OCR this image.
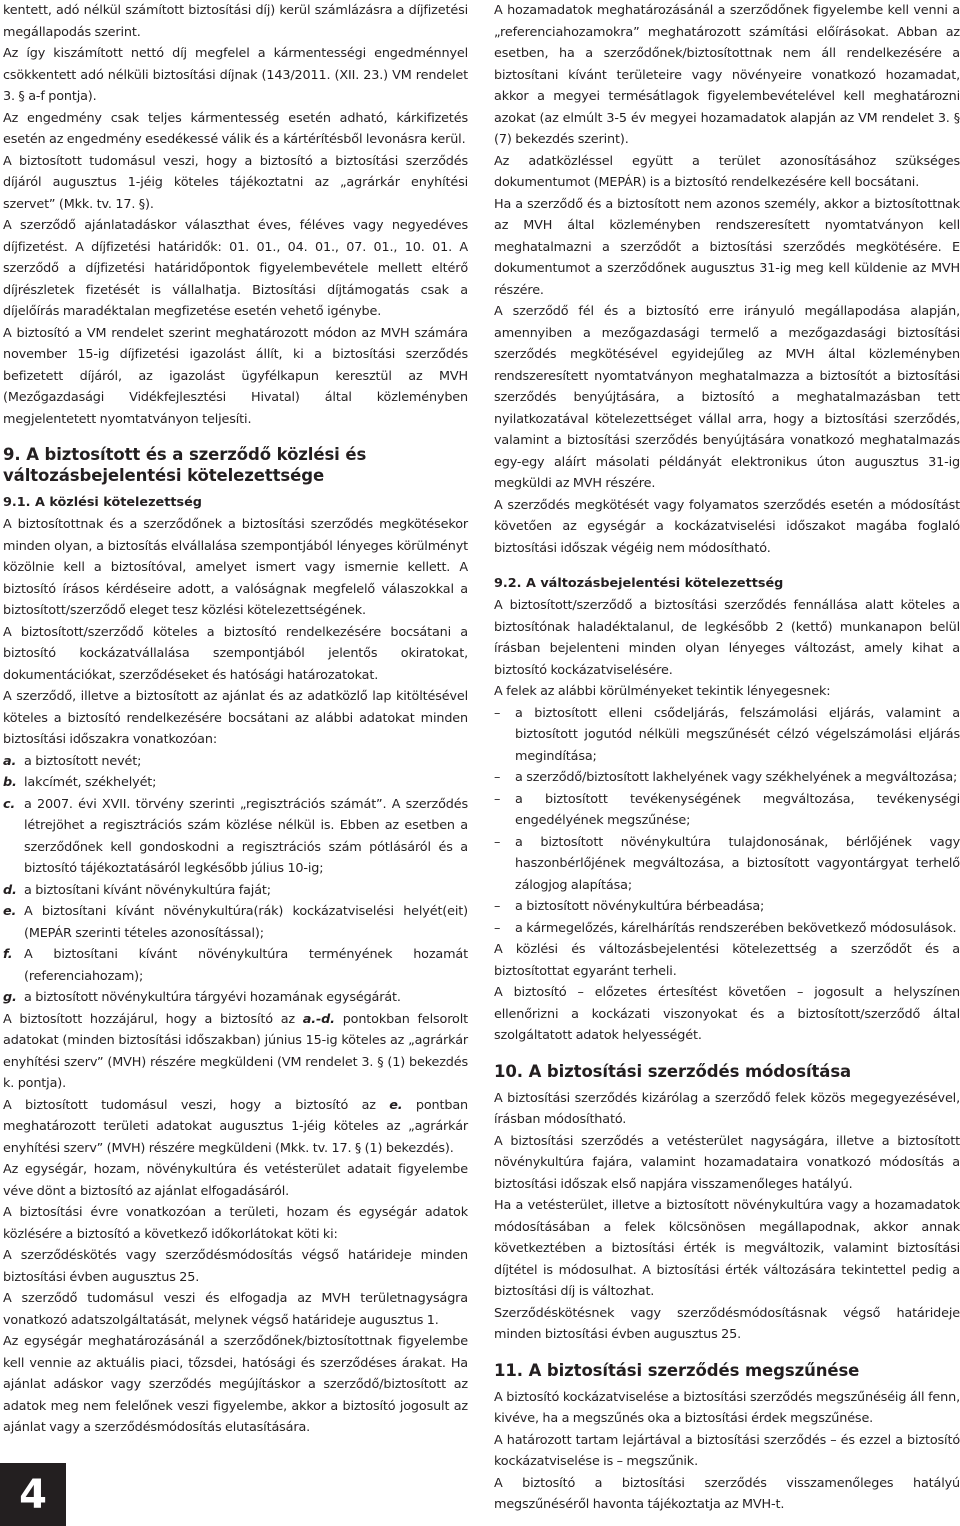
kentett, adó nélkül számított biztosítási díj) kerül számlázásra a díjfizetési megállapodás szerint.

Az így kiszámított nettó díj megfelel a kármentességi engedménnyel csökkentett adó nélküli biztosítási díjnak (143/2011. (XII. 23.) VM rendelet 3. § a-f pontja).

Az engedmény csak teljes kármentesség esetén adható, kárkifizetés esetén az engedmény esedékessé válik és a kártérítésből levonásra kerül.

A biztosított tudomásul veszi, hogy a biztosító a biztosítási szerződés díjáról augusztus 1-jéig köteles tájékoztatni az „agrárkár enyhítési szervet” (Mkk. tv. 17. §).

A szerződő ajánlatadáskor választhat éves, féléves vagy negyedéves díjfizetést. A díjfizetési határidők: 01. 01., 04. 01., 07. 01., 10. 01. A szerződő a díjfizetési határidőpontok figyelembevétele mellett eltérő díjrészletek fizetését is vállalhatja. Biztosítási díjtámogatás csak a díjelőírás maradéktalan megfizetése esetén vehető igénybe.

A biztosító a VM rendelet szerint meghatározott módon az MVH számára november 15-ig díjfizetési igazolást állít, ki a biztosítási szerződés befizetett díjáról, az igazolást ügyfélkapun keresztül az MVH (Mezőgazdasági Vidékfejlesztési Hivatal) által közleményben megjelentetett nyomtatványon teljesíti.

9. A biztosított és a szerződő közlési és változásbejelentési kötelezettsége
9.1. A közlési kötelezettség

A biztosítottnak és a szerződőnek a biztosítási szerződés megkötésekor minden olyan, a biztosítás elvállalása szempontjából lényeges körülményt közölnie kell a biztosítóval, amelyet ismert vagy ismernie kellett. A biztosító írásos kérdéseire adott, a valóságnak megfelelő válaszokkal a biztosított/szerződő eleget tesz közlési kötelezettségének.

A biztosított/szerződő köteles a biztosító rendelkezésére bocsátani a biztosító kockázatvállalása szempontjából jelentős okiratokat, dokumentációkat, szerződéseket és hatósági határozatokat.

A szerződő, illetve a biztosított az ajánlat és az adatközlő lap kitöltésével köteles a biztosító rendelkezésére bocsátani az alábbi adatokat minden biztosítási időszakra vonatkozóan:

a. a biztosított nevét;
b. lakcímét, székhelyét;
c. a 2007. évi XVII. törvény szerinti „regisztrációs számát”. A szerződés létrejöhet a regisztrációs szám közlése nélkül is. Ebben az esetben a szerződőnek kell gondoskodni a regisztrációs szám pótlásáról és a biztosító tájékoztatásáról legkésőbb július 10-ig;
d. a biztosítani kívánt növénykultúra faját;
e. A biztosítani kívánt növénykultúra(rák) kockázatviselési helyét(eit) (MEPÁR szerinti tételes azonosítással);
f. A biztosítani kívánt növénykultúra terményének hozamát (referenciahozam);
g. a biztosított növénykultúra tárgyévi hozamának egységárát.

A biztosított hozzájárul, hogy a biztosító az a.-d. pontokban felsorolt adatokat (minden biztosítási időszakban) június 15-ig köteles az „agrárkár enyhítési szerv” (MVH) részére megküldeni (VM rendelet 3. § (1) bekezdés k. pontja).

A biztosított tudomásul veszi, hogy a biztosító az e. pontban meghatározott területi adatokat augusztus 1-jéig köteles az „agrárkár enyhítési szerv” (MVH) részére megküldeni (Mkk. tv. 17. § (1) bekezdés).

Az egységár, hozam, növénykultúra és vetésterület adatait figyelembe véve dönt a biztosító az ajánlat elfogadásáról.

A biztosítási évre vonatkozóan a területi, hozam és egységár adatok közlésére a biztosító a következő időkorlátokat köti ki:

A szerződéskötés vagy szerződésmódosítás végső határideje minden biztosítási évben augusztus 25.

A szerződő tudomásul veszi és elfogadja az MVH területnagyságra vonatkozó adatszolgáltatását, melynek végső határideje augusztus 1.

Az egységár meghatározásánál a szerződőnek/biztosítottnak figyelembe kell vennie az aktuális piaci, tőzsdei, hatósági és szerződéses árakat. Ha ajánlat adáskor vagy szerződés megújításkor a szerződő/biztosított az adatok meg nem felelőnek veszi figyelembe, akkor a biztosító jogosult az ajánlat vagy a szerződésmódosítás elutasítására.

A hozamadatok meghatározásánál a szerződőnek figyelembe kell venni a „referenciahozamokra” meghatározott számítási előírásokat. Abban az esetben, ha a szerződőnek/biztosítottnak nem áll rendelkezésére a biztosítani kívánt területeire vagy növényeire vonatkozó hozamadat, akkor a megyei termésátlagok figyelembevételével kell meghatározni azokat (az elmúlt 3-5 év megyei hozamadatok alapján az VM rendelet 3. § (7) bekezdés szerint).

Az adatközléssel együtt a terület azonosításához szükséges dokumentumot (MEPÁR) is a biztosító rendelkezésére kell bocsátani.

Ha a szerződő és a biztosított nem azonos személy, akkor a biztosítottnak az MVH által közleményben rendszeresített nyomtatványon kell meghatalmazni a szerződőt a biztosítási szerződés megkötésére. E dokumentumot a szerződőnek augusztus 31-ig meg kell küldenie az MVH részére.

A szerződő fél és a biztosító erre irányuló megállapodása alapján, amennyiben a mezőgazdasági termelő a mezőgazdasági biztosítási szerződés megkötésével egyidejűleg az MVH által közleményben rendszeresített nyomtatványon meghatalmazza a biztosítót a biztosítási szerződés benyújtására, a biztosító a meghatalmazásban tett nyilatkozatával kötelezettséget vállal arra, hogy a biztosítási szerződés, valamint a biztosítási szerződés benyújtására vonatkozó meghatalmazás egy-egy aláírt másolati példányát elektronikus úton augusztus 31-ig megküldi az MVH részére.

A szerződés megkötését vagy folyamatos szerződés esetén a módosítást követően az egységár a kockázatviselési időszakot magába foglaló biztosítási időszak végéig nem módosítható.

9.2. A változásbejelentési kötelezettség

A biztosított/szerződő a biztosítási szerződés fennállása alatt köteles a biztosítónak haladéktalanul, de legkésőbb 2 (kettő) munkanapon belül írásban bejelenteni minden olyan lényeges változást, amely kihat a biztosító kockázatviselésére.

A felek az alábbi körülményeket tekintik lényegesnek:

–	a biztosított elleni csődeljárás, felszámolási eljárás, valamint a biztosított jogutód nélküli megszűnését célzó végelszámolási eljárás megindítása;
–	a szerződő/biztosított lakhelyének vagy székhelyének a megváltozása;
–	a biztosított tevékenységének megváltozása, tevékenységi engedélyének megszűnése;
–	a biztosított növénykultúra tulajdonosának, bérlőjének vagy haszonbérlőjének megváltozása, a biztosított vagyontárgyat terhelő zálogjog alapítása;
–	a biztosított növénykultúra bérbeadása;
–	a kármegelőzés, kárelhárítás rendszerében bekövetkező módosulások.

A közlési és változásbejelentési kötelezettség a szerződőt és a biztosítottat egyaránt terheli.

A biztosító – előzetes értesítést követően – jogosult a helyszínen ellenőrizni a kockázati viszonyokat és a biztosított/szerződő által szolgáltatott adatok helyességét.

10. A biztosítási szerződés módosítása

A biztosítási szerződés kizárólag a szerződő felek közös megegyezésével, írásban módosítható.

A biztosítási szerződés a vetésterület nagyságára, illetve a biztosított növénykultúra fajára, valamint hozamadataira vonatkozó módosítás a biztosítási időszak első napjára visszamenőleges hatályú.

Ha a vetésterület, illetve a biztosított növénykultúra vagy a hozamadatok módosításában a felek kölcsönösen megállapodnak, akkor annak következtében a biztosítási érték is megváltozik, valamint biztosítási díjtétel is módosulhat. A biztosítási érték változására tekintettel pedig a biztosítási díj is változhat.

Szerződéskötésnek vagy szerződésmódosításnak végső határideje minden biztosítási évben augusztus 25.

11. A biztosítási szerződés megszűnése

A biztosító kockázatviselése a biztosítási szerződés megszűnéséig áll fenn, kivéve, ha a megszűnés oka a biztosítási érdek megszűnése.

A határozott tartam lejártával a biztosítási szerződés – és ezzel a biztosító kockázatviselése is – megszűnik.

A biztosító a biztosítási szerződés visszamenőleges hatályú megszűnéséről havonta tájékoztatja az MVH-t.

4
